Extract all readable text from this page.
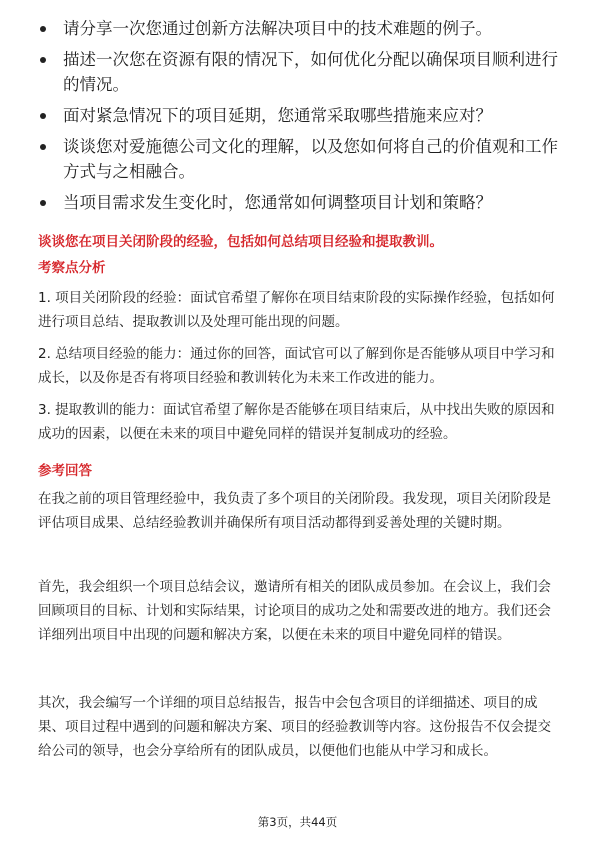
请分享一次您通过创新方法解决项目中的技术难题的例子。
描述一次您在资源有限的情况下，如何优化分配以确保项目顺利进行的情况。
面对紧急情况下的项目延期，您通常采取哪些措施来应对？
谈谈您对爱施德公司文化的理解，以及您如何将自己的价值观和工作方式与之相融合。
当项目需求发生变化时，您通常如何调整项目计划和策略？

谈谈您在项目关闭阶段的经验，包括如何总结项目经验和提取教训。

考察点分析

1. 项目关闭阶段的经验：面试官希望了解你在项目结束阶段的实际操作经验，包括如何进行项目总结、提取教训以及处理可能出现的问题。

2. 总结项目经验的能力：通过你的回答，面试官可以了解到你是否能够从项目中学习和成长，以及你是否有将项目经验和教训转化为未来工作改进的能力。

3. 提取教训的能力：面试官希望了解你是否能够在项目结束后，从中找出失败的原因和成功的因素，以便在未来的项目中避免同样的错误并复制成功的经验。

参考回答

在我之前的项目管理经验中，我负责了多个项目的关闭阶段。我发现，项目关闭阶段是评估项目成果、总结经验教训并确保所有项目活动都得到妥善处理的关键时期。

首先，我会组织一个项目总结会议，邀请所有相关的团队成员参加。在会议上，我们会回顾项目的目标、计划和实际结果，讨论项目的成功之处和需要改进的地方。我们还会详细列出项目中出现的问题和解决方案，以便在未来的项目中避免同样的错误。

其次，我会编写一个详细的项目总结报告，报告中会包含项目的详细描述、项目的成果、项目过程中遇到的问题和解决方案、项目的经验教训等内容。这份报告不仅会提交给公司的领导，也会分享给所有的团队成员，以便他们也能从中学习和成长。

第3页，共44页
